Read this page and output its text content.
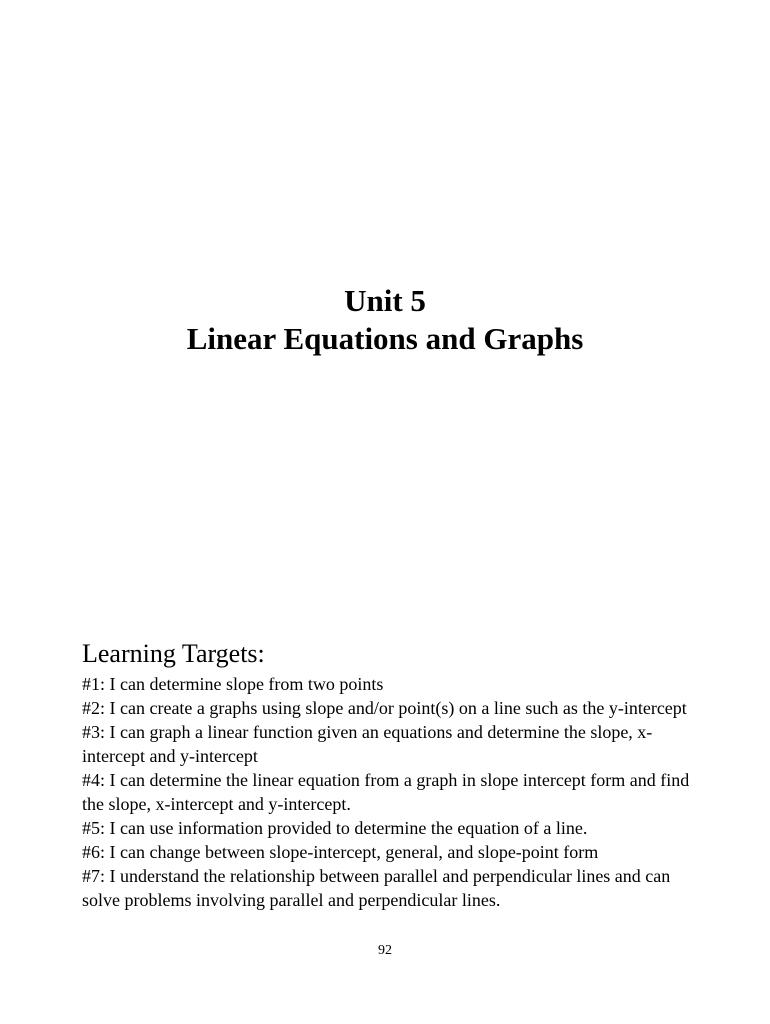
Unit 5

Linear Equations and Graphs

Learning Targets:

#1: I can determine slope from two points

#2: I can create a graphs using slope and/or point(s) on a line such as the y-intercept

#3: I can graph a linear function given an equations and determine the slope, x-intercept and y-intercept

#4: I can determine the linear equation from a graph in slope intercept form and find the slope, x-intercept and y-intercept.

#5: I can use information provided to determine the equation of a line.

#6: I can change between slope-intercept, general, and slope-point form

#7: I understand the relationship between parallel and perpendicular lines and can solve problems involving parallel and perpendicular lines.

92
